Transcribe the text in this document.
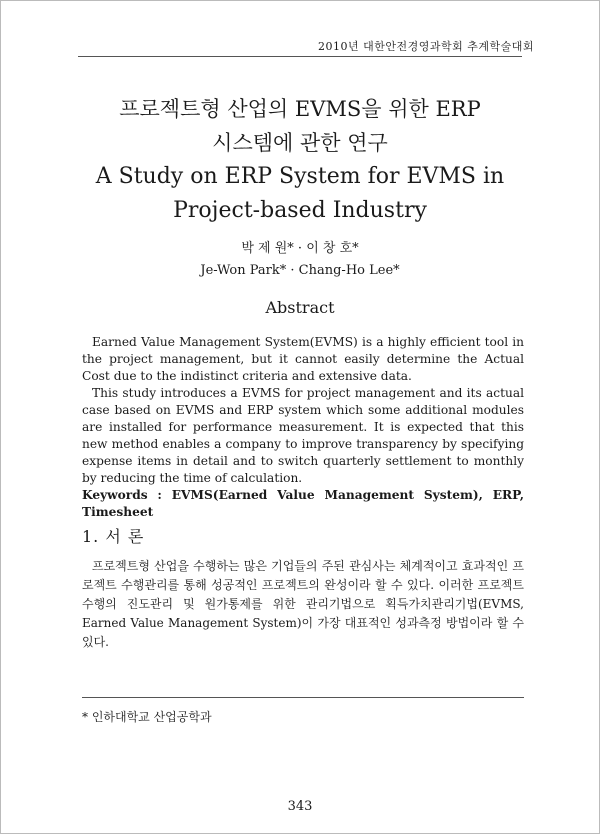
2010년 대한안전경영과학회 추계학술대회
프로젝트형 산업의 EVMS을 위한 ERP
시스템에 관한 연구
A Study on ERP System for EVMS in
Project-based Industry
박 제 원* · 이 창 호*
Je-Won Park* · Chang-Ho Lee*
Abstract

Earned Value Management System(EVMS) is a highly efficient tool in the project management, but it cannot easily determine the Actual Cost due to the indistinct criteria and extensive data.

This study introduces a EVMS for project management and its actual case based on EVMS and ERP system which some additional modules are installed for performance measurement. It is expected that this new method enables a company to improve transparency by specifying expense items in detail and to switch quarterly settlement to monthly by reducing the time of calculation.

Keywords : EVMS(Earned Value Management System), ERP, Timesheet

1. 서 론

프로젝트형 산업을 수행하는 많은 기업들의 주된 관심사는 체계적이고 효과적인 프로젝트 수행관리를 통해 성공적인 프로젝트의 완성이라 할 수 있다. 이러한 프로젝트 수행의 진도관리 및 원가통제를 위한 관리기법으로 획득가치관리기법(EVMS, Earned Value Management System)이 가장 대표적인 성과측정 방법이라 할 수 있다.

* 인하대학교 산업공학과
343
